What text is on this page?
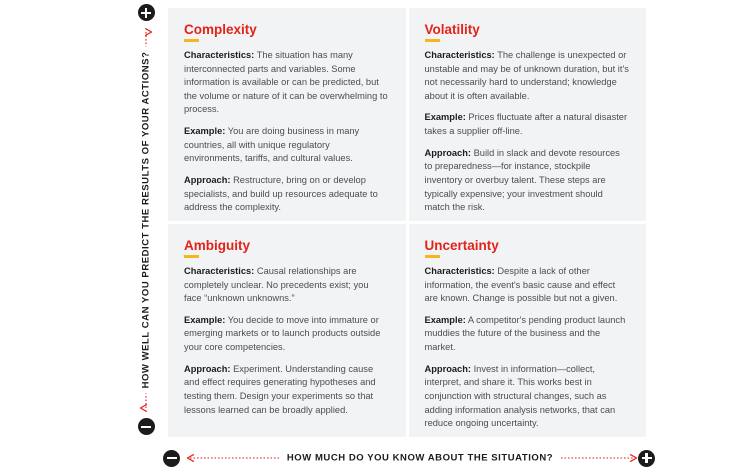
HOW WELL CAN YOU PREDICT THE RESULTS OF YOUR ACTIONS?
Complexity

Characteristics: The situation has many interconnected parts and variables. Some information is available or can be predicted, but the volume or nature of it can be overwhelming to process.

Example: You are doing business in many countries, all with unique regulatory environments, tariffs, and cultural values.

Approach: Restructure, bring on or develop specialists, and build up resources adequate to address the complexity.

Volatility

Characteristics: The challenge is unexpected or unstable and may be of unknown duration, but it's not necessarily hard to understand; knowledge about it is often available.

Example: Prices fluctuate after a natural disaster takes a supplier off-line.

Approach: Build in slack and devote resources to preparedness—for instance, stockpile inventory or overbuy talent. These steps are typically expensive; your investment should match the risk.

Ambiguity

Characteristics: Causal relationships are completely unclear. No precedents exist; you face “unknown unknowns.”

Example: You decide to move into immature or emerging markets or to launch products outside your core competencies.

Approach: Experiment. Understanding cause and effect requires generating hypotheses and testing them. Design your experiments so that lessons learned can be broadly applied.

Uncertainty

Characteristics: Despite a lack of other information, the event's basic cause and effect are known. Change is possible but not a given.

Example: A competitor's pending product launch muddies the future of the business and the market.

Approach: Invest in information—collect, interpret, and share it. This works best in conjunction with structural changes, such as adding information analysis networks, that can reduce ongoing uncertainty.

HOW MUCH DO YOU KNOW ABOUT THE SITUATION?
